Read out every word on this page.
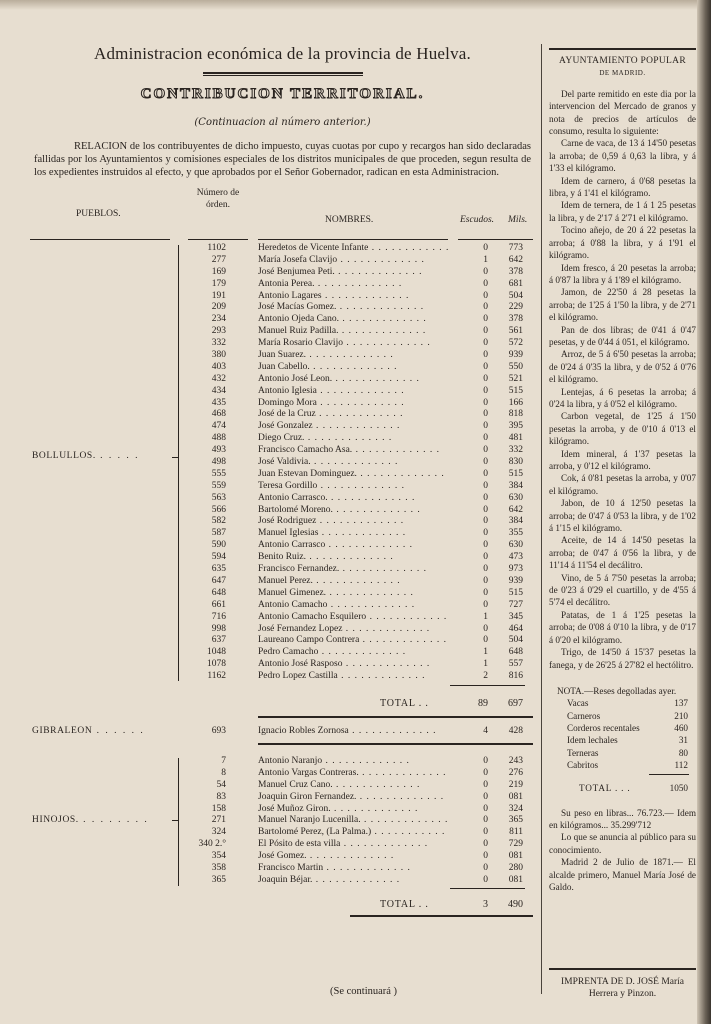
Administracion económica de la provincia de Huelva.
CONTRIBUCION TERRITORIAL.
(Continuacion al número anterior.)

RELACION de los contribuyentes de dicho impuesto, cuyas cuotas por cupo y recargos han sido declaradas fallidas por los Ayuntamientos y comisiones especiales de los distritos municipales de que proceden, segun resulta de los expedientes instruidos al efecto, y que aprobados por el Señor Gobernador, radican en esta Administracion.

PUEBLOS.
Número de órden.
NOMBRES.	Escudos. Mils.
BOLLULLOS. . . . . .
1102	Heredetos de Vicente Infante . .	0	773
277	María Josefa Clavijo . .	1	642
169	José Benjumea Peti. . .	0	378
179	Antonia Perea. . .	0	681
191	Antonio Lagares . .	0	504
209	José Macías Gomez. . .	0	229
234	Antonio Ojeda Cano. . .	0	378
293	Manuel Ruiz Padilla. . .	0	561
332	María Rosario Clavijo . .	0	572
380	Juan Suarez. . .	0	939
403	Juan Cabello. . .	0	550
432	Antonio José Leon. . .	0	521
434	Antonio Iglesia . .	0	515
435	Domingo Mora . .	0	166
468	José de la Cruz . .	0	818
474	José Gonzalez . .	0	395
488	Diego Cruz. . .	0	481
493	Francisco Camacho Asa. . .	0	332
498	José Valdivia. . .	0	830
555	Juan Estevan Dominguez. . .	0	515
559	Teresa Gordillo . .	0	384
563	Antonio Carrasco. . .	0	630
566	Bartolomé Moreno. . .	0	642
582	José Rodriguez . .	0	384
587	Manuel Iglesias . .	0	355
590	Antonio Carrasco . .	0	630
594	Benito Ruiz. . .	0	473
635	Francisco Fernandez. . .	0	973
647	Manuel Perez. . .	0	939
648	Manuel Gimenez. . .	0	515
661	Antonio Camacho . .	0	727
716	Antonio Camacho Esquilero . .	1	345
998	José Fernandez Lopez . .	0	464
637	Laureano Campo Contrera . .	0	504
1048	Pedro Camacho . .	1	648
1078	Antonio José Rasposo . .	1	557
1162	Pedro Lopez Castilla . .	2	816
TOTAL . .	89	697
GIBRALEON . . . . . .	693	Ignacio Robles Zornosa . .	4	428
HINOJOS. . . . . . . . .
7	Antonio Naranjo . .	0	243
8	Antonio Vargas Contreras. . .	0	276
54	Manuel Cruz Cano. . .	0	219
83	Joaquin Giron Fernandez. . .	0	081
158	José Muñoz Giron. . .	0	324
271	Manuel Naranjo Lucenilla. . .	0	365
324	Bartolomé Perez, (La Palma.) . .	0	811
340 2.°	El Pósito de esta villa . .	0	729
354	José Gomez. . .	0	081
358	Francisco Martin . .	0	280
365	Joaquin Béjar. . .	0	081
TOTAL . .	3	490
(Se continuará )
AYUNTAMIENTO POPULAR
DE MADRID.

Del parte remitido en este dia por la intervencion del Mercado de granos y nota de precios de artículos de consumo, resulta lo siguiente:

Carne de vaca, de 13 á 14'50 pesetas la arroba; de 0,59 á 0,63 la libra, y á 1'33 el kilógramo.

Idem de carnero, á 0'68 pesetas la libra, y á 1'41 el kilógramo.

Idem de ternera, de 1 á 1 25 pesetas la libra, y de 2'17 á 2'71 el kilógramo.

Tocino añejo, de 20 á 22 pesetas la arroba; á 0'88 la libra, y á 1'91 el kilógramo.

Idem fresco, á 20 pesetas la arroba; á 0'87 la libra y á 1'89 el kilógramo.

Jamon, de 22'50 á 28 pesetas la arroba; de 1'25 á 1'50 la libra, y de 2'71 el kilógramo.

Pan de dos libras; de 0'41 á 0'47 pesetas, y de 0'44 á 051, el kilógramo.

Arroz, de 5 á 6'50 pesetas la arroba; de 0'24 á 0'35 la libra, y de 0'52 á 0'76 el kilógramo.

Lentejas, á 6 pesetas la arroba; á 0'24 la libra, y á 0'52 el kilógramo.

Carbon vegetal, de 1'25 á 1'50 pesetas la arroba, y de 0'10 á 0'13 el kilógramo.

Idem mineral, á 1'37 pesetas la arroba, y 0'12 el kilógramo.

Cok, á 0'81 pesetas la arroba, y 0'07 el kilógramo.

Jabon, de 10 á 12'50 pesetas la arroba; de 0'47 á 0'53 la libra, y de 1'02 á 1'15 el kilógramo.

Aceite, de 14 á 14'50 pesetas la arroba; de 0'47 á 0'56 la libra, y de 11'14 á 11'54 el decálitro.

Vino, de 5 á 7'50 pesetas la arroba; de 0'23 á 0'29 el cuartillo, y de 4'55 á 5'74 el decálitro.

Patatas, de 1 á 1'25 pesetas la arroba; de 0'08 á 0'10 la libra, y de 0'17 á 0'20 el kilógramo.

Trigo, de 14'50 á 15'37 pesetas la fanega, y de 26'25 á 27'82 el hectólitro.

NOTA.—Reses degolladas ayer.
Vacas	137
Carneros	210
Corderos recentales	460
Idem lechales	31
Terneras	80
Cabritos	112
TOTAL . . .	1050
Su peso en libras... 76.723.— Idem en kilógramos... 35.299'712
Lo que se anuncia al público para su conocimiento.
Madrid 2 de Julio de 1871.— El alcalde primero, Manuel María José de Galdo.
IMPRENTA DE D. JOSÉ María Herrera y Pinzon.
